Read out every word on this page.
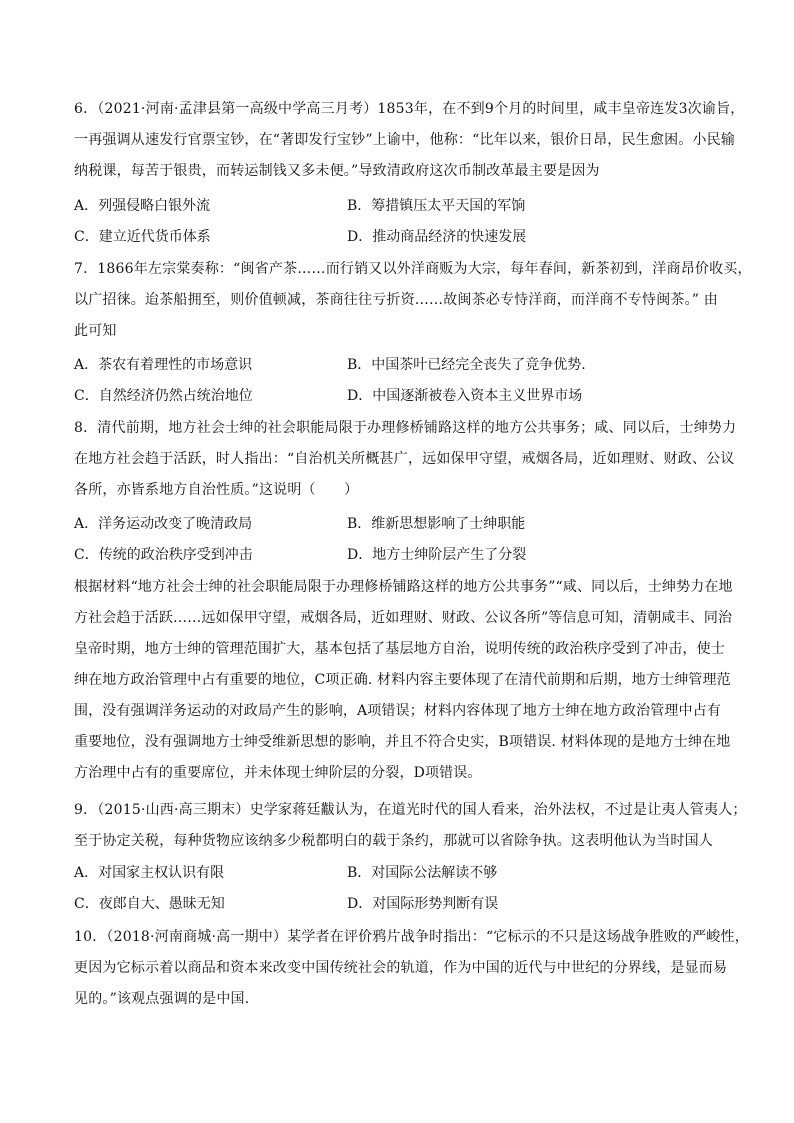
6．（2021·河南·孟津县第一高级中学高三月考）1853年，在不到9个月的时间里，咸丰皇帝连发3次谕旨，
一再强调从速发行官票宝钞，在“著即发行宝钞”上谕中，他称：“比年以来，银价日昂，民生愈困。小民输
纳税课，每苦于银贵，而转运制钱又多未便。”导致清政府这次币制改革最主要是因为
A．列强侵略白银外流	B．筹措镇压太平天国的军饷
C．建立近代货币体系	D．推动商品经济的快速发展
7．1866年左宗棠奏称：“闽省产茶……而行销又以外洋商贩为大宗，每年春间，新茶初到，洋商昂价收买，
以广招徕。迨茶船拥至，则价值顿减，茶商往往亏折资……故闽茶必专恃洋商，而洋商不专恃闽茶。” 由
此可知
A．茶农有着理性的市场意识	B．中国茶叶已经完全丧失了竞争优势.
C．自然经济仍然占统治地位	D．中国逐渐被卷入资本主义世界市场
8．清代前期，地方社会士绅的社会职能局限于办理修桥铺路这样的地方公共事务；咸、同以后，士绅势力
在地方社会趋于活跃，时人指出：“自治机关所概甚广，远如保甲守望，戒烟各局，近如理财、财政、公议
各所，亦皆系地方自治性质。”这说明（　　）
A．洋务运动改变了晚清政局	B．维新思想影响了士绅职能
C．传统的政治秩序受到冲击	D．地方士绅阶层产生了分裂
根据材料“地方社会士绅的社会职能局限于办理修桥铺路这样的地方公共事务”“咸、同以后，士绅势力在地
方社会趋于活跃……远如保甲守望，戒烟各局，近如理财、财政、公议各所”等信息可知，清朝咸丰、同治
皇帝时期，地方士绅的管理范围扩大，基本包括了基层地方自治，说明传统的政治秩序受到了冲击，使士
绅在地方政治管理中占有重要的地位，C项正确. 材料内容主要体现了在清代前期和后期，地方士绅管理范
围，没有强调洋务运动的对政局产生的影响，A项错误；材料内容体现了地方士绅在地方政治管理中占有
重要地位，没有强调地方士绅受维新思想的影响，并且不符合史实，B项错误. 材料体现的是地方士绅在地
方治理中占有的重要席位，并未体现士绅阶层的分裂，D项错误。
9．（2015·山西·高三期末）史学家蒋廷黻认为，在道光时代的国人看来，治外法权，不过是让夷人管夷人；
至于协定关税，每种货物应该纳多少税都明白的载于条约，那就可以省除争执。这表明他认为当时国人
A．对国家主权认识有限	B．对国际公法解读不够
C．夜郎自大、愚昧无知	D．对国际形势判断有误
10．（2018·河南商城·高一期中）某学者在评价鸦片战争时指出：“它标示的不只是这场战争胜败的严峻性，
更因为它标示着以商品和资本来改变中国传统社会的轨道，作为中国的近代与中世纪的分界线，是显而易
见的。”该观点强调的是中国.
